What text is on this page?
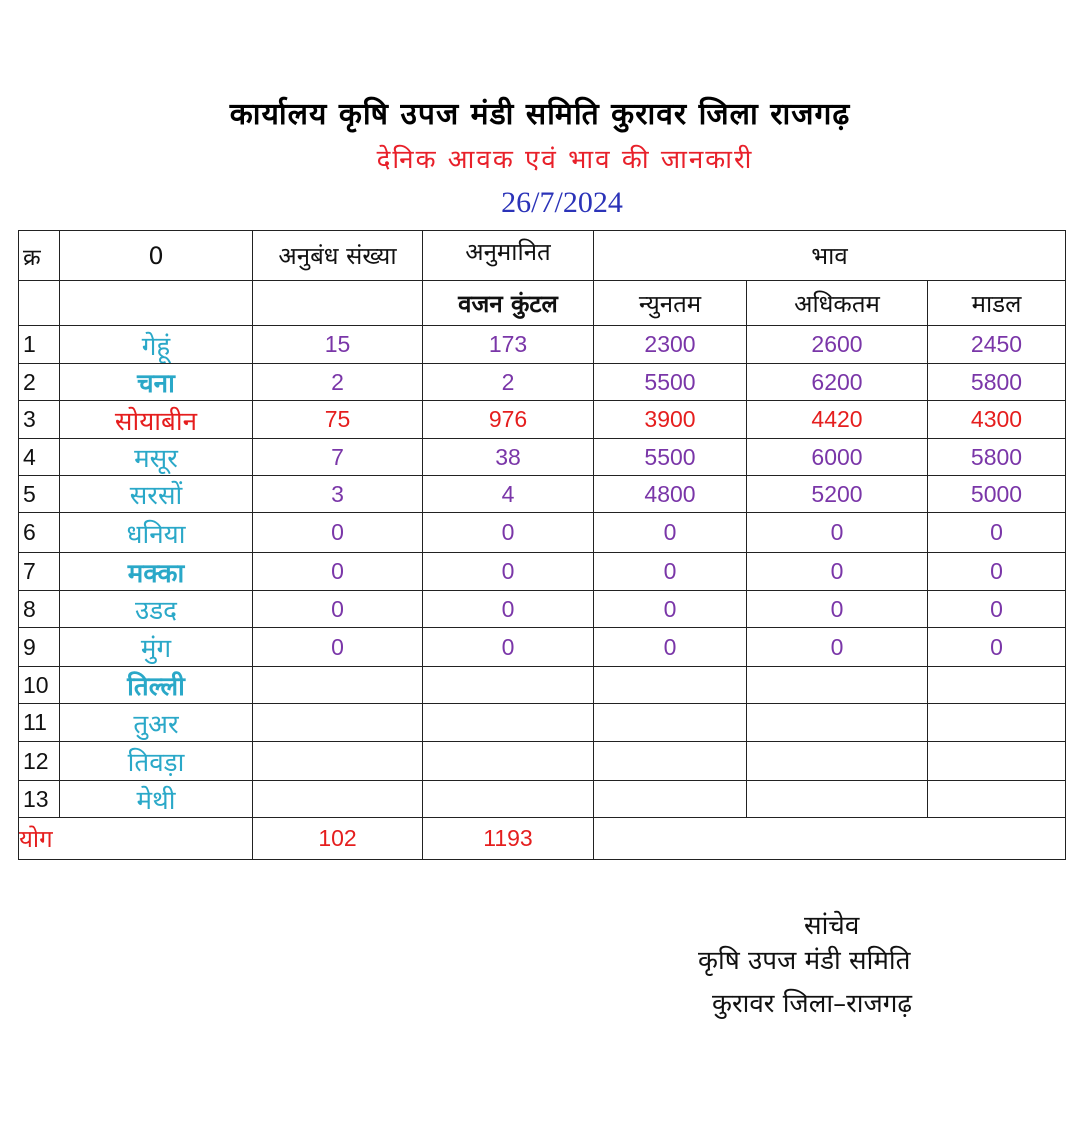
कार्यालय कृषि उपज मंडी समिति कुरावर जिला राजगढ़
देनिक आवक एवं भाव की जानकारी
26/7/2024
क्र	0	अनुबंध संख्या	अनुमानित	भाव		
			वजन कुंटल	न्युनतम	अधिकतम	माडल
1	गेहूं	15	173	2300	2600	2450
2	चना	2	2	5500	6200	5800
3	सोयाबीन	75	976	3900	4420	4300
4	मसूर	7	38	5500	6000	5800
5	सरसों	3	4	4800	5200	5000
6	धनिया	0	0	0	0	0
7	मक्का	0	0	0	0	0
8	उडद	0	0	0	0	0
9	मुंग	0	0	0	0	0
10	तिल्ली					
11	तुअर					
12	तिवड़ा					
13	मेथी					
योग		102	1193			
सांचेव
कृषि उपज मंडी समिति
कुरावर जिला–राजगढ़
